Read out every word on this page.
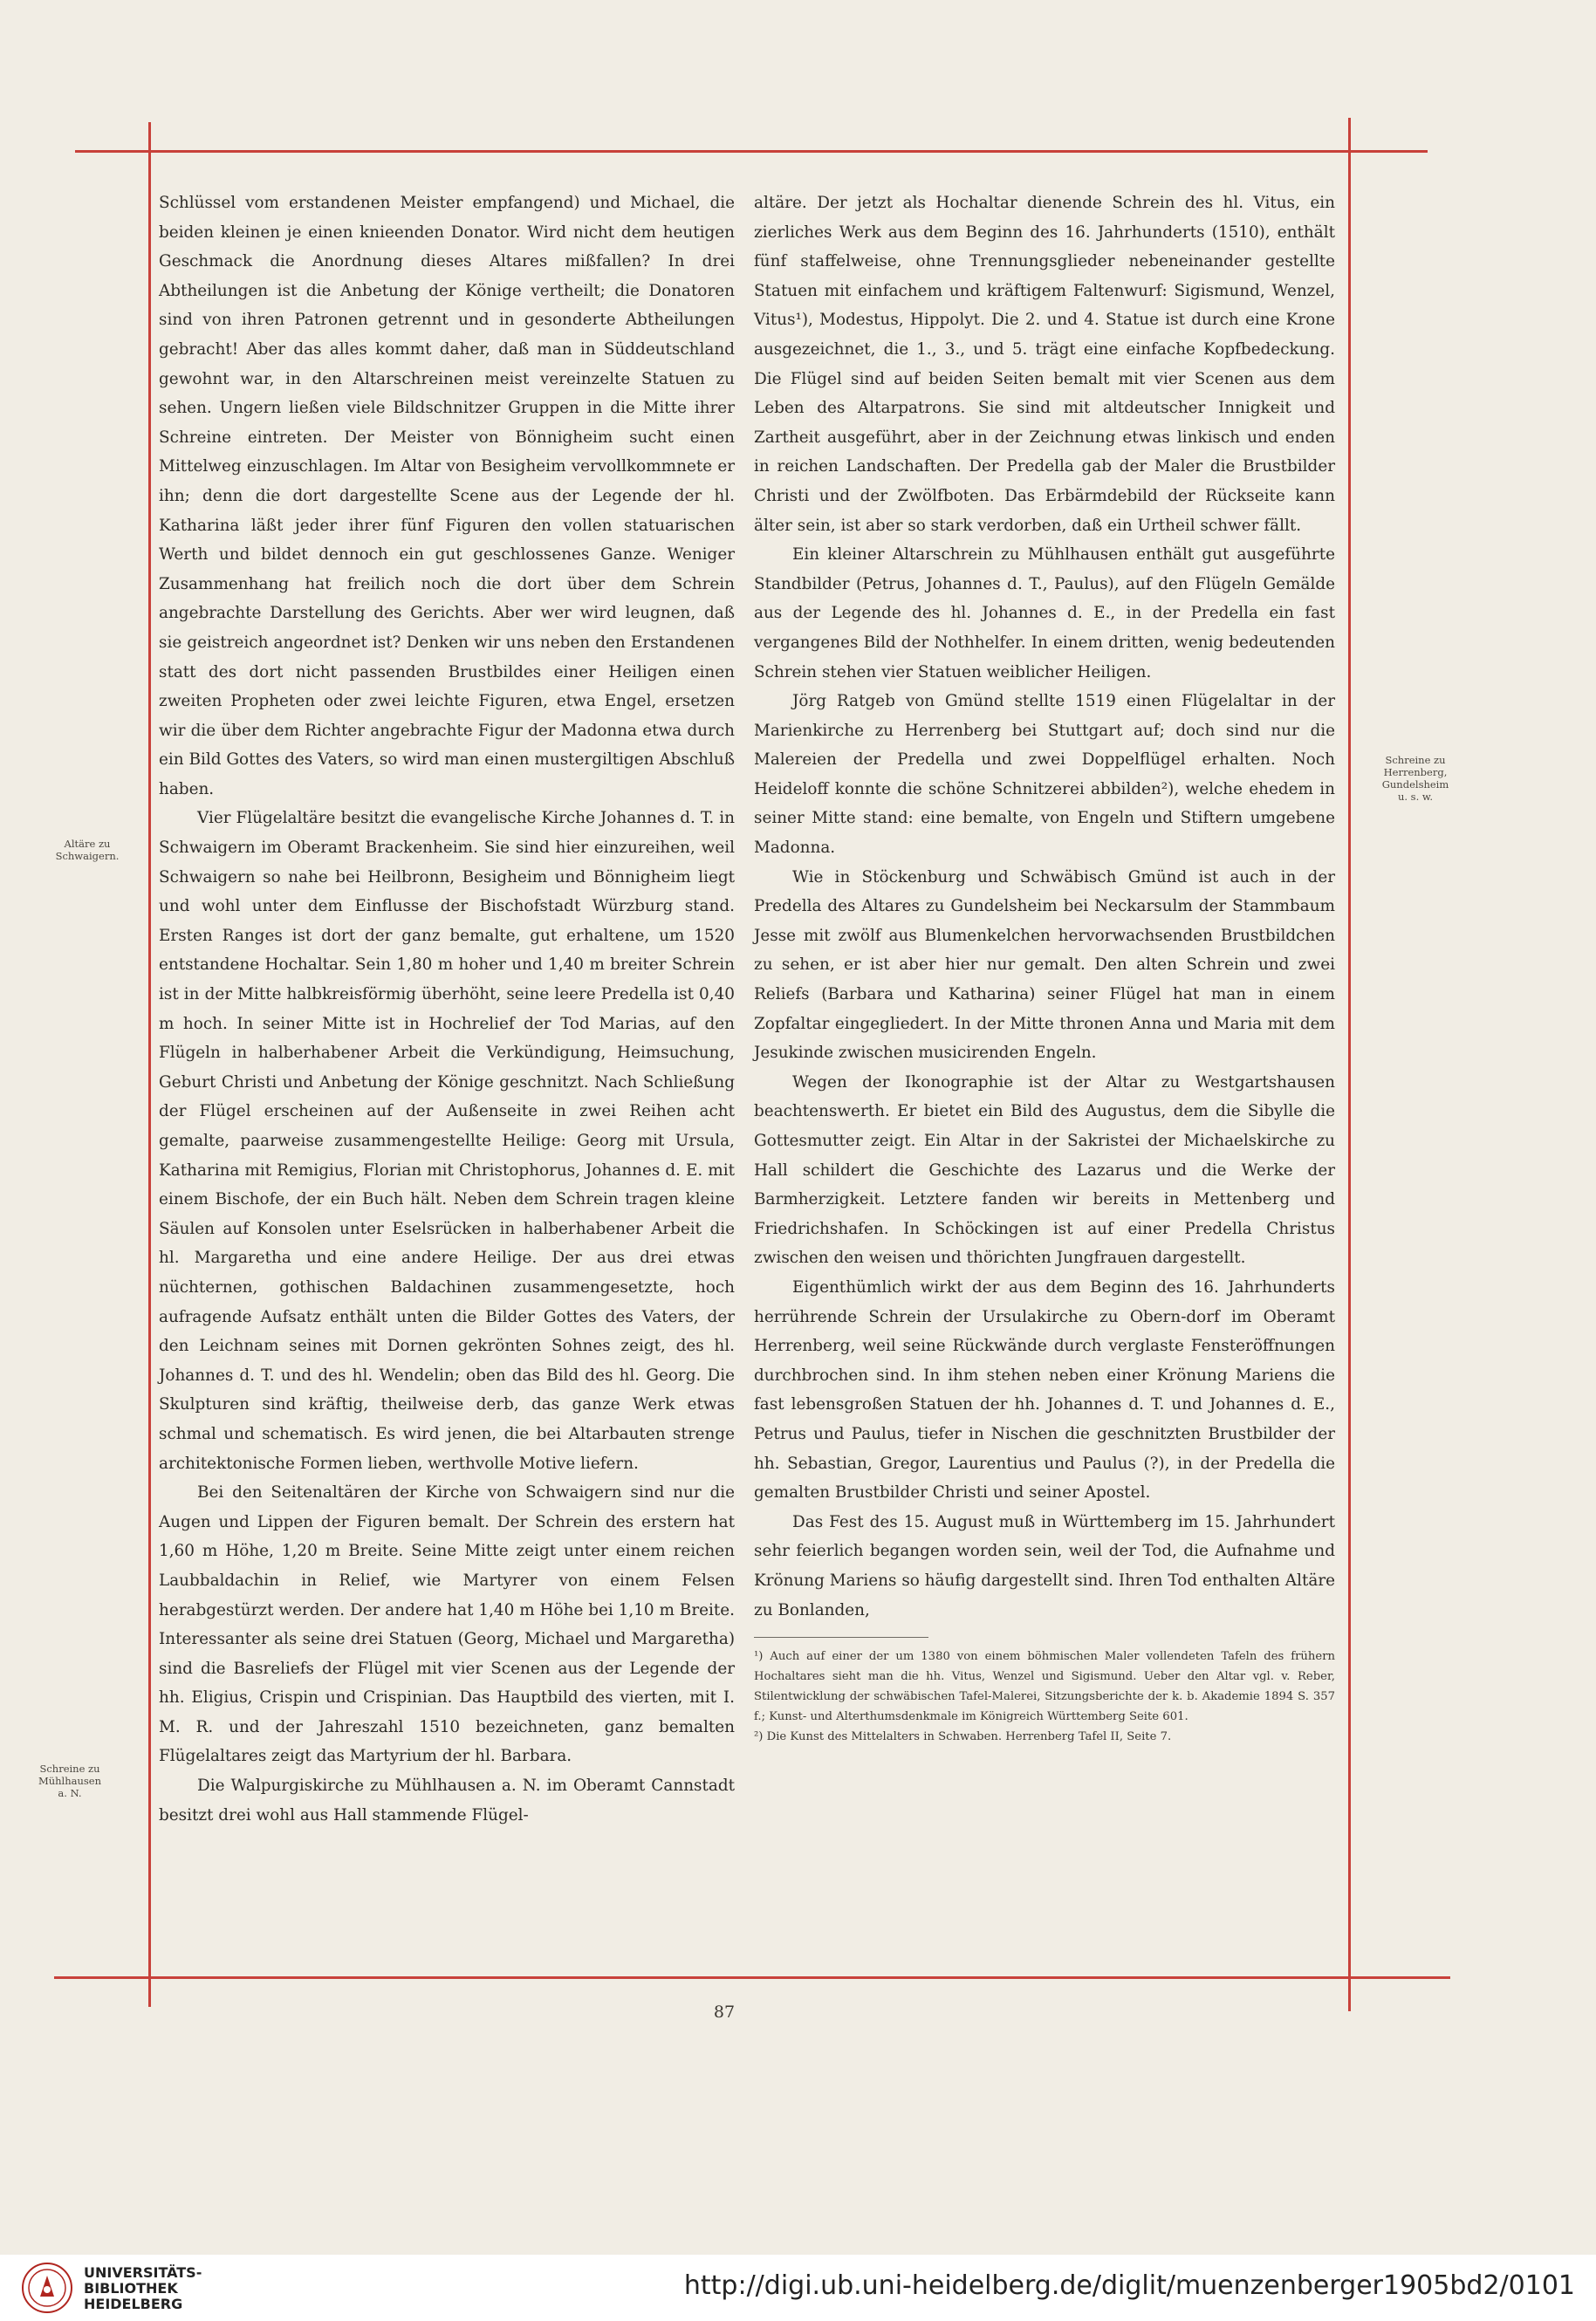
Schlüssel vom erstandenen Meister empfangend) und Michael, die beiden kleinen je einen knieenden Donator. Wird nicht dem heutigen Geschmack die Anordnung dieses Altares mißfallen? In drei Abtheilungen ist die Anbetung der Könige vertheilt; die Donatoren sind von ihren Patronen getrennt und in gesonderte Abtheilungen gebracht! Aber das alles kommt daher, daß man in Süddeutschland gewohnt war, in den Altarschreinen meist vereinzelte Statuen zu sehen. Ungern ließen viele Bildschnitzer Gruppen in die Mitte ihrer Schreine eintreten. Der Meister von Bönnigheim sucht einen Mittelweg einzuschlagen. Im Altar von Besigheim vervollkommnete er ihn; denn die dort dargestellte Scene aus der Legende der hl. Katharina läßt jeder ihrer fünf Figuren den vollen statuarischen Werth und bildet dennoch ein gut geschlossenes Ganze. Weniger Zusammenhang hat freilich noch die dort über dem Schrein angebrachte Darstellung des Gerichts. Aber wer wird leugnen, daß sie geistreich angeordnet ist? Denken wir uns neben den Erstandenen statt des dort nicht passenden Brustbildes einer Heiligen einen zweiten Propheten oder zwei leichte Figuren, etwa Engel, ersetzen wir die über dem Richter angebrachte Figur der Madonna etwa durch ein Bild Gottes des Vaters, so wird man einen mustergiltigen Abschluß haben.

Vier Flügelaltäre besitzt die evangelische Kirche Johannes d. T. in Schwaigern im Oberamt Brackenheim. Sie sind hier einzureihen, weil Schwaigern so nahe bei Heilbronn, Besigheim und Bönnigheim liegt und wohl unter dem Einflusse der Bischofstadt Würzburg stand. Ersten Ranges ist dort der ganz bemalte, gut erhaltene, um 1520 entstandene Hochaltar. Sein 1,80 m hoher und 1,40 m breiter Schrein ist in der Mitte halbkreisförmig überhöht, seine leere Predella ist 0,40 m hoch. In seiner Mitte ist in Hochrelief der Tod Marias, auf den Flügeln in halberhabener Arbeit die Verkündigung, Heimsuchung, Geburt Christi und Anbetung der Könige geschnitzt. Nach Schließung der Flügel erscheinen auf der Außenseite in zwei Reihen acht gemalte, paarweise zusammengestellte Heilige: Georg mit Ursula, Katharina mit Remigius, Florian mit Christophorus, Johannes d. E. mit einem Bischofe, der ein Buch hält. Neben dem Schrein tragen kleine Säulen auf Konsolen unter Eselsrücken in halberhabener Arbeit die hl. Margaretha und eine andere Heilige. Der aus drei etwas nüchternen, gothischen Baldachinen zusammengesetzte, hoch aufragende Aufsatz enthält unten die Bilder Gottes des Vaters, der den Leichnam seines mit Dornen gekrönten Sohnes zeigt, des hl. Johannes d. T. und des hl. Wendelin; oben das Bild des hl. Georg. Die Skulpturen sind kräftig, theilweise derb, das ganze Werk etwas schmal und schematisch. Es wird jenen, die bei Altarbauten strenge architektonische Formen lieben, werthvolle Motive liefern.

Bei den Seitenaltären der Kirche von Schwaigern sind nur die Augen und Lippen der Figuren bemalt. Der Schrein des erstern hat 1,60 m Höhe, 1,20 m Breite. Seine Mitte zeigt unter einem reichen Laubbaldachin in Relief, wie Martyrer von einem Felsen herabgestürzt werden. Der andere hat 1,40 m Höhe bei 1,10 m Breite. Interessanter als seine drei Statuen (Georg, Michael und Margaretha) sind die Basreliefs der Flügel mit vier Scenen aus der Legende der hh. Eligius, Crispin und Crispinian. Das Hauptbild des vierten, mit I. M. R. und der Jahreszahl 1510 bezeichneten, ganz bemalten Flügelaltares zeigt das Martyrium der hl. Barbara.

Die Walpurgiskirche zu Mühlhausen a. N. im Oberamt Cannstadt besitzt drei wohl aus Hall stammende Flügel-

altäre. Der jetzt als Hochaltar dienende Schrein des hl. Vitus, ein zierliches Werk aus dem Beginn des 16. Jahrhunderts (1510), enthält fünf staffelweise, ohne Trennungsglieder nebeneinander gestellte Statuen mit einfachem und kräftigem Faltenwurf: Sigismund, Wenzel, Vitus¹), Modestus, Hippolyt. Die 2. und 4. Statue ist durch eine Krone ausgezeichnet, die 1., 3., und 5. trägt eine einfache Kopfbedeckung. Die Flügel sind auf beiden Seiten bemalt mit vier Scenen aus dem Leben des Altarpatrons. Sie sind mit altdeutscher Innigkeit und Zartheit ausgeführt, aber in der Zeichnung etwas linkisch und enden in reichen Landschaften. Der Predella gab der Maler die Brustbilder Christi und der Zwölfboten. Das Erbärmdebild der Rückseite kann älter sein, ist aber so stark verdorben, daß ein Urtheil schwer fällt.

Ein kleiner Altarschrein zu Mühlhausen enthält gut ausgeführte Standbilder (Petrus, Johannes d. T., Paulus), auf den Flügeln Gemälde aus der Legende des hl. Johannes d. E., in der Predella ein fast vergangenes Bild der Nothhelfer. In einem dritten, wenig bedeutenden Schrein stehen vier Statuen weiblicher Heiligen.

Jörg Ratgeb von Gmünd stellte 1519 einen Flügelaltar in der Marienkirche zu Herrenberg bei Stuttgart auf; doch sind nur die Malereien der Predella und zwei Doppelflügel erhalten. Noch Heideloff konnte die schöne Schnitzerei abbilden²), welche ehedem in seiner Mitte stand: eine bemalte, von Engeln und Stiftern umgebene Madonna.

Wie in Stöckenburg und Schwäbisch Gmünd ist auch in der Predella des Altares zu Gundelsheim bei Neckarsulm der Stammbaum Jesse mit zwölf aus Blumenkelchen hervorwachsenden Brustbildchen zu sehen, er ist aber hier nur gemalt. Den alten Schrein und zwei Reliefs (Barbara und Katharina) seiner Flügel hat man in einem Zopfaltar eingegliedert. In der Mitte thronen Anna und Maria mit dem Jesukinde zwischen musicirenden Engeln.

Wegen der Ikonographie ist der Altar zu Westgartshausen beachtenswerth. Er bietet ein Bild des Augustus, dem die Sibylle die Gottesmutter zeigt. Ein Altar in der Sakristei der Michaelskirche zu Hall schildert die Geschichte des Lazarus und die Werke der Barmherzigkeit. Letztere fanden wir bereits in Mettenberg und Friedrichshafen. In Schöckingen ist auf einer Predella Christus zwischen den weisen und thörichten Jungfrauen dargestellt.

Eigenthümlich wirkt der aus dem Beginn des 16. Jahrhunderts herrührende Schrein der Ursulakirche zu Obern-dorf im Oberamt Herrenberg, weil seine Rückwände durch verglaste Fensteröffnungen durchbrochen sind. In ihm stehen neben einer Krönung Mariens die fast lebensgroßen Statuen der hh. Johannes d. T. und Johannes d. E., Petrus und Paulus, tiefer in Nischen die geschnitzten Brustbilder der hh. Sebastian, Gregor, Laurentius und Paulus (?), in der Predella die gemalten Brustbilder Christi und seiner Apostel.

Das Fest des 15. August muß in Württemberg im 15. Jahrhundert sehr feierlich begangen worden sein, weil der Tod, die Aufnahme und Krönung Mariens so häufig dargestellt sind. Ihren Tod enthalten Altäre zu Bonlanden,

¹) Auch auf einer der um 1380 von einem böhmischen Maler vollendeten Tafeln des frühern Hochaltares sieht man die hh. Vitus, Wenzel und Sigismund. Ueber den Altar vgl. v. Reber, Stilentwicklung der schwäbischen Tafel-Malerei, Sitzungsberichte der k. b. Akademie 1894 S. 357 f.; Kunst- und Alterthumsdenkmale im Königreich Württemberg Seite 601.

²) Die Kunst des Mittelalters in Schwaben. Herrenberg Tafel II, Seite 7.

Altäre zu
Schwaigern.
Schreine zu
Mühlhausen
a. N.
Schreine zu
Herrenberg,
Gundelsheim
u. s. w.
87
UNIVERSITÄTS-
BIBLIOTHEK
HEIDELBERG
http://digi.ub.uni-heidelberg.de/diglit/muenzenberger1905bd2/0101
